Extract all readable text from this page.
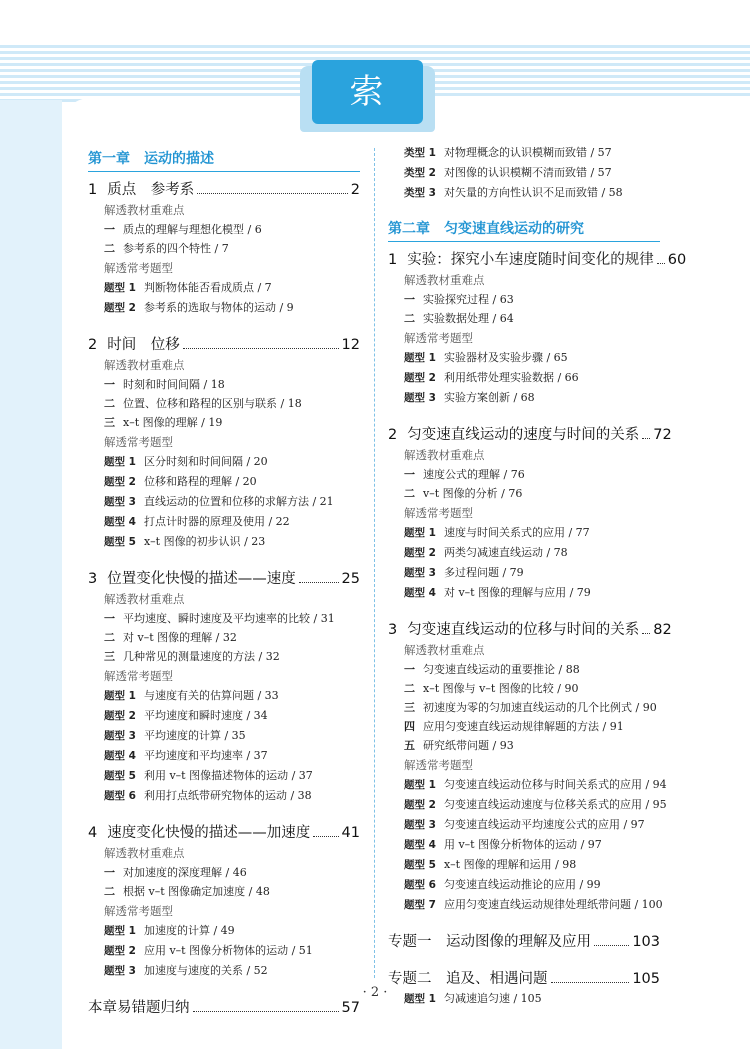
索引
第一章 运动的描述
1 质点　参考系	2
解透教材重难点
一 质点的理解与理想化模型 / 6
二 参考系的四个特性 / 7
解透常考题型
题型 1 判断物体能否看成质点 / 7
题型 2 参考系的选取与物体的运动 / 9
2 时间　位移	12
解透教材重难点
一 时刻和时间间隔 / 18
二 位置、位移和路程的区别与联系 / 18
三 x–t 图像的理解 / 19
解透常考题型
题型 1 区分时刻和时间间隔 / 20
题型 2 位移和路程的理解 / 20
题型 3 直线运动的位置和位移的求解方法 / 21
题型 4 打点计时器的原理及使用 / 22
题型 5 x–t 图像的初步认识 / 23
3 位置变化快慢的描述——速度	25
解透教材重难点
一 平均速度、瞬时速度及平均速率的比较 / 31
二 对 v–t 图像的理解 / 32
三 几种常见的测量速度的方法 / 32
解透常考题型
题型 1 与速度有关的估算问题 / 33
题型 2 平均速度和瞬时速度 / 34
题型 3 平均速度的计算 / 35
题型 4 平均速度和平均速率 / 37
题型 5 利用 v–t 图像描述物体的运动 / 37
题型 6 利用打点纸带研究物体的运动 / 38
4 速度变化快慢的描述——加速度 41
解透教材重难点
一 对加速度的深度理解 / 46
二 根据 v–t 图像确定加速度 / 48
解透常考题型
题型 1 加速度的计算 / 49
题型 2 应用 v–t 图像分析物体的运动 / 51
题型 3 加速度与速度的关系 / 52
本章易错题归纳	57
类型 1 对物理概念的认识模糊而致错 / 57
类型 2 对图像的认识模糊不清而致错 / 57
类型 3 对矢量的方向性认识不足而致错 / 58
第二章 匀变速直线运动的研究
1 实验：探究小车速度随时间变化的规律 60
解透教材重难点
一 实验探究过程 / 63
二 实验数据处理 / 64
解透常考题型
题型 1 实验器材及实验步骤 / 65
题型 2 利用纸带处理实验数据 / 66
题型 3 实验方案创新 / 68
2 匀变速直线运动的速度与时间的关系 72
解透教材重难点
一 速度公式的理解 / 76
二 v–t 图像的分析 / 76
解透常考题型
题型 1 速度与时间关系式的应用 / 77
题型 2 两类匀减速直线运动 / 78
题型 3 多过程问题 / 79
题型 4 对 v–t 图像的理解与应用 / 79
3 匀变速直线运动的位移与时间的关系 82
解透教材重难点
一 匀变速直线运动的重要推论 / 88
二 x–t 图像与 v–t 图像的比较 / 90
三 初速度为零的匀加速直线运动的几个比例式 / 90
四 应用匀变速直线运动规律解题的方法 / 91
五 研究纸带问题 / 93
解透常考题型
题型 1 匀变速直线运动位移与时间关系式的应用 / 94
题型 2 匀变速直线运动速度与位移关系式的应用 / 95
题型 3 匀变速直线运动平均速度公式的应用 / 97
题型 4 用 v–t 图像分析物体的运动 / 97
题型 5 x–t 图像的理解和运用 / 98
题型 6 匀变速直线运动推论的应用 / 99
题型 7 应用匀变速直线运动规律处理纸带问题 / 100
专题一　运动图像的理解及应用	103
专题二　追及、相遇问题	105
题型 1 匀减速追匀速 / 105
· 2 ·
